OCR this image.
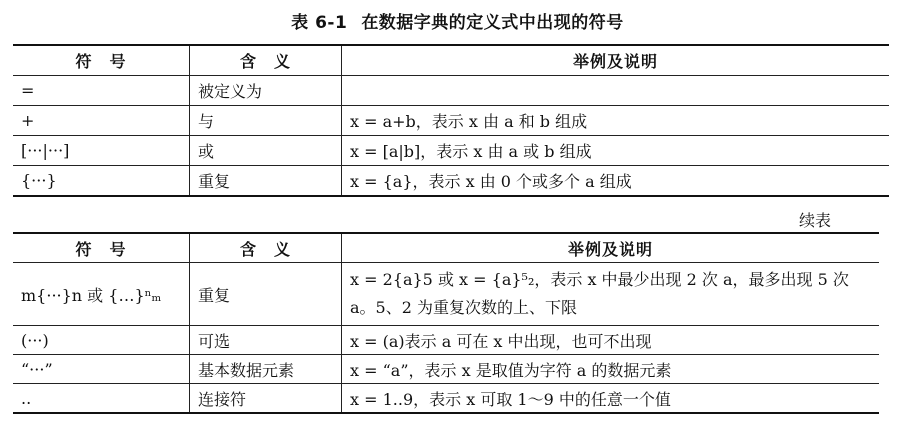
表 6-1 在数据字典的定义式中出现的符号
符　号	含　义	举例及说明
=	被定义为	
+	与	x = a+b，表示 x 由 a 和 b 组成
[···|···]	或	x = [a|b]，表示 x 由 a 或 b 组成
{···}	重复	x = {a}，表示 x 由 0 个或多个 a 组成
续表
符　号	含　义	举例及说明
m{···}n 或 {…}ⁿₘ	重复	x = 2{a}5 或 x = {a}⁵₂，表示 x 中最少出现 2 次 a，最多出现 5 次 a。5、2 为重复次数的上、下限
(···)	可选	x = (a)表示 a 可在 x 中出现，也可不出现
“···”	基本数据元素	x = “a”，表示 x 是取值为字符 a 的数据元素
..	连接符	x = 1..9，表示 x 可取 1～9 中的任意一个值
